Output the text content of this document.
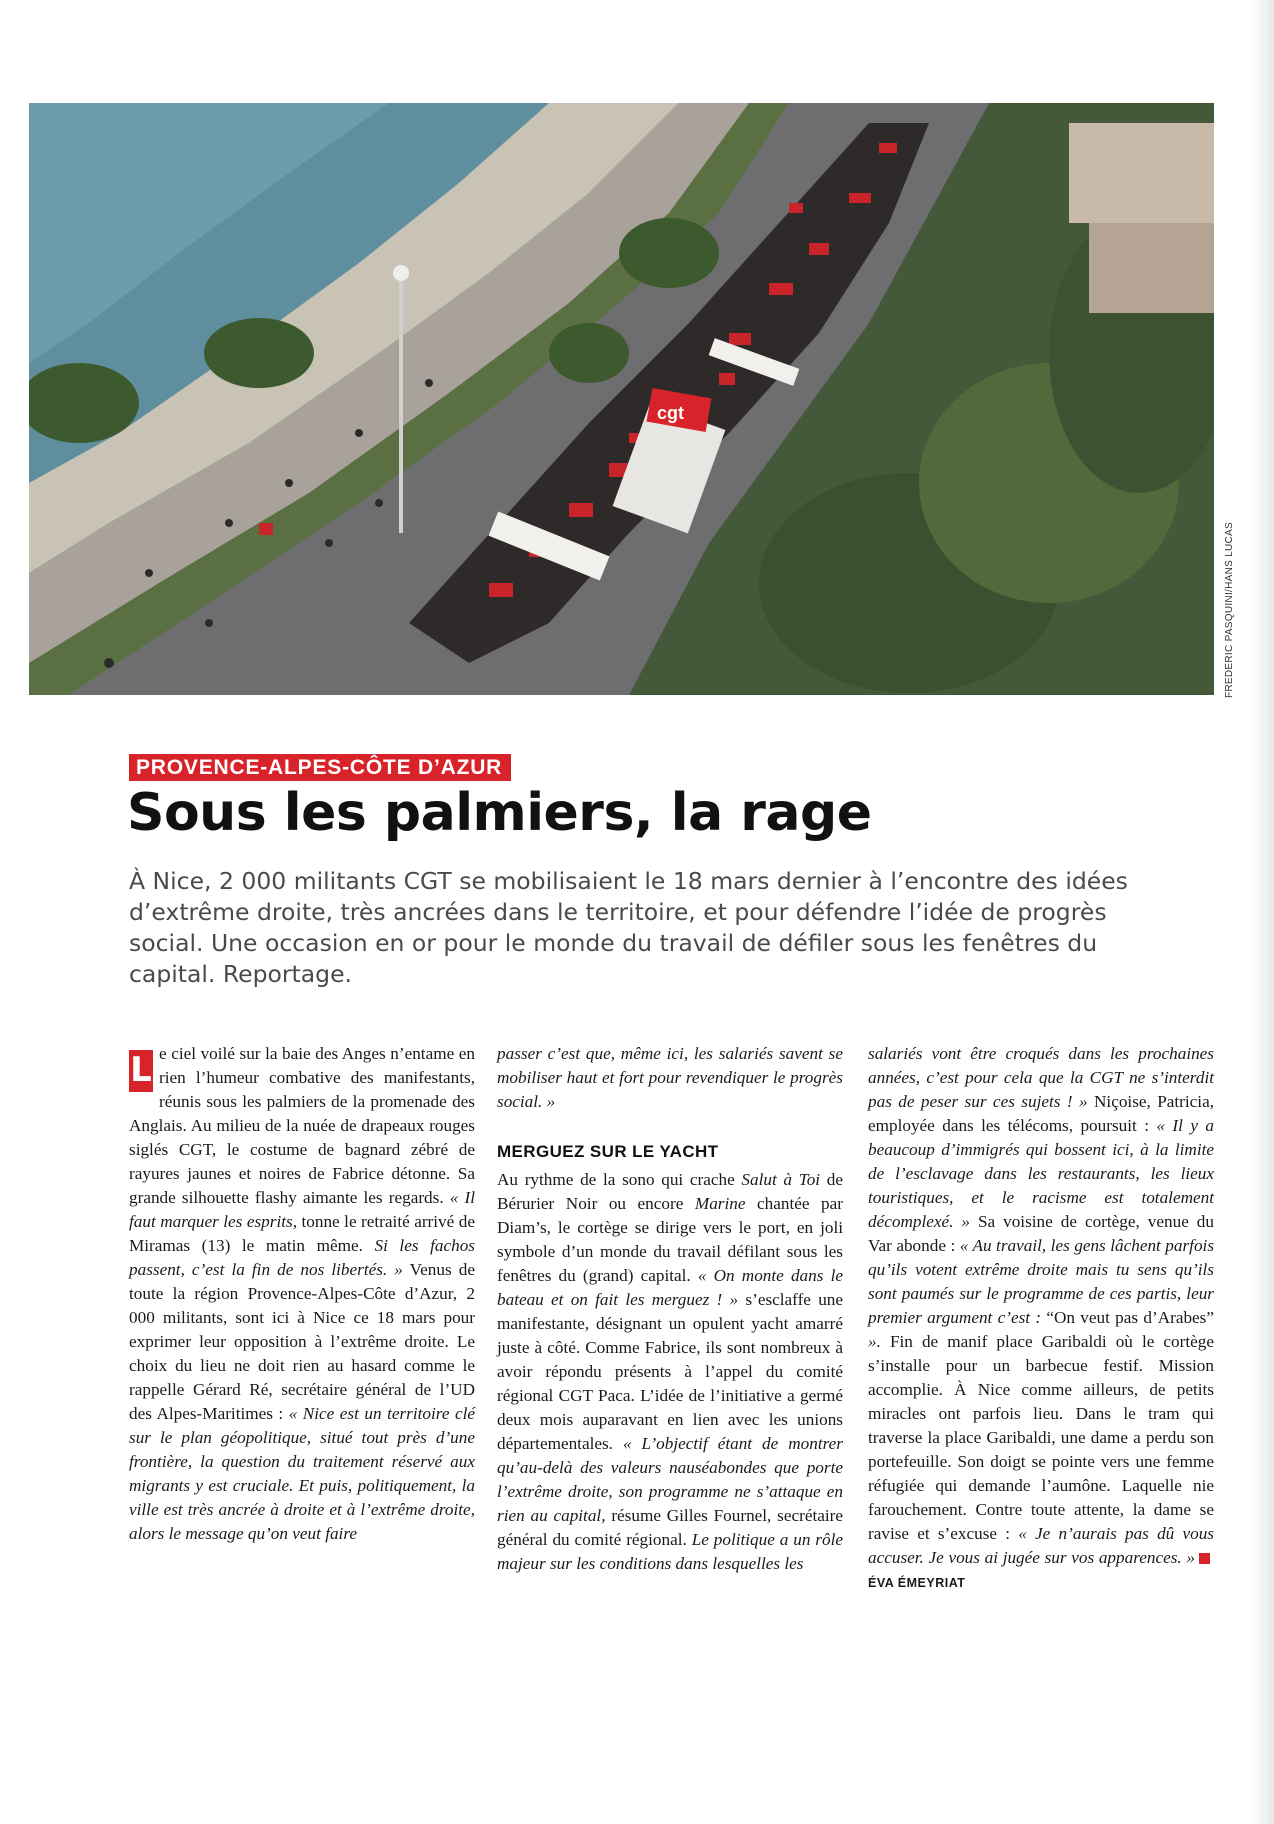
cgt
FREDERIC PASQUINI/HANS LUCAS
PROVENCE-ALPES-CÔTE D’AZUR
Sous les palmiers, la rage
À Nice, 2 000 militants CGT se mobilisaient le 18 mars dernier à l’encontre des idées d’extrême droite, très ancrées dans le territoire, et pour défendre l’idée de progrès social. Une occasion en or pour le monde du travail de défiler sous les fenêtres du capital. Reportage.

L e ciel voilé sur la baie des Anges n’entame en rien l’humeur combative des manifestants, réunis sous les palmiers de la promenade des Anglais. Au milieu de la nuée de drapeaux rouges siglés CGT, le costume de bagnard zébré de rayures jaunes et noires de Fabrice détonne. Sa grande silhouette flashy aimante les regards. « Il faut marquer les esprits, tonne le retraité arrivé de Miramas (13) le matin même. Si les fachos passent, c’est la fin de nos libertés. » Venus de toute la région Provence-Alpes-Côte d’Azur, 2 000 militants, sont ici à Nice ce 18 mars pour exprimer leur opposition à l’extrême droite. Le choix du lieu ne doit rien au hasard comme le rappelle Gérard Ré, secrétaire général de l’UD des Alpes-Maritimes : « Nice est un territoire clé sur le plan géopolitique, situé tout près d’une frontière, la question du traitement réservé aux migrants y est cruciale. Et puis, politiquement, la ville est très ancrée à droite et à l’extrême droite, alors le message qu’on veut faire

passer c’est que, même ici, les salariés savent se mobiliser haut et fort pour revendiquer le progrès social. »

MERGUEZ SUR LE YACHT

Au rythme de la sono qui crache Salut à Toi de Bérurier Noir ou encore Marine chantée par Diam’s, le cortège se dirige vers le port, en joli symbole d’un monde du travail défilant sous les fenêtres du (grand) capital. « On monte dans le bateau et on fait les merguez ! » s’esclaffe une manifestante, désignant un opulent yacht amarré juste à côté. Comme Fabrice, ils sont nombreux à avoir répondu présents à l’appel du comité régional CGT Paca. L’idée de l’initiative a germé deux mois auparavant en lien avec les unions départementales. « L’objectif étant de montrer qu’au-delà des valeurs nauséabondes que porte l’extrême droite, son programme ne s’attaque en rien au capital, résume Gilles Fournel, secrétaire général du comité régional. Le politique a un rôle majeur sur les conditions dans lesquelles les

salariés vont être croqués dans les prochaines années, c’est pour cela que la CGT ne s’interdit pas de peser sur ces sujets ! » Niçoise, Patricia, employée dans les télécoms, poursuit : « Il y a beaucoup d’immigrés qui bossent ici, à la limite de l’esclavage dans les restaurants, les lieux touristiques, et le racisme est totalement décomplexé. » Sa voisine de cortège, venue du Var abonde : « Au travail, les gens lâchent parfois qu’ils votent extrême droite mais tu sens qu’ils sont paumés sur le programme de ces partis, leur premier argument c’est : “On veut pas d’Arabes” ». Fin de manif place Garibaldi où le cortège s’installe pour un barbecue festif. Mission accomplie. À Nice comme ailleurs, de petits miracles ont parfois lieu. Dans le tram qui traverse la place Garibaldi, une dame a perdu son portefeuille. Son doigt se pointe vers une femme réfugiée qui demande l’aumône. Laquelle nie farouchement. Contre toute attente, la dame se ravise et s’excuse : « Je n’aurais pas dû vous accuser. Je vous ai jugée sur vos apparences. »ÉVA ÉMEYRIAT
